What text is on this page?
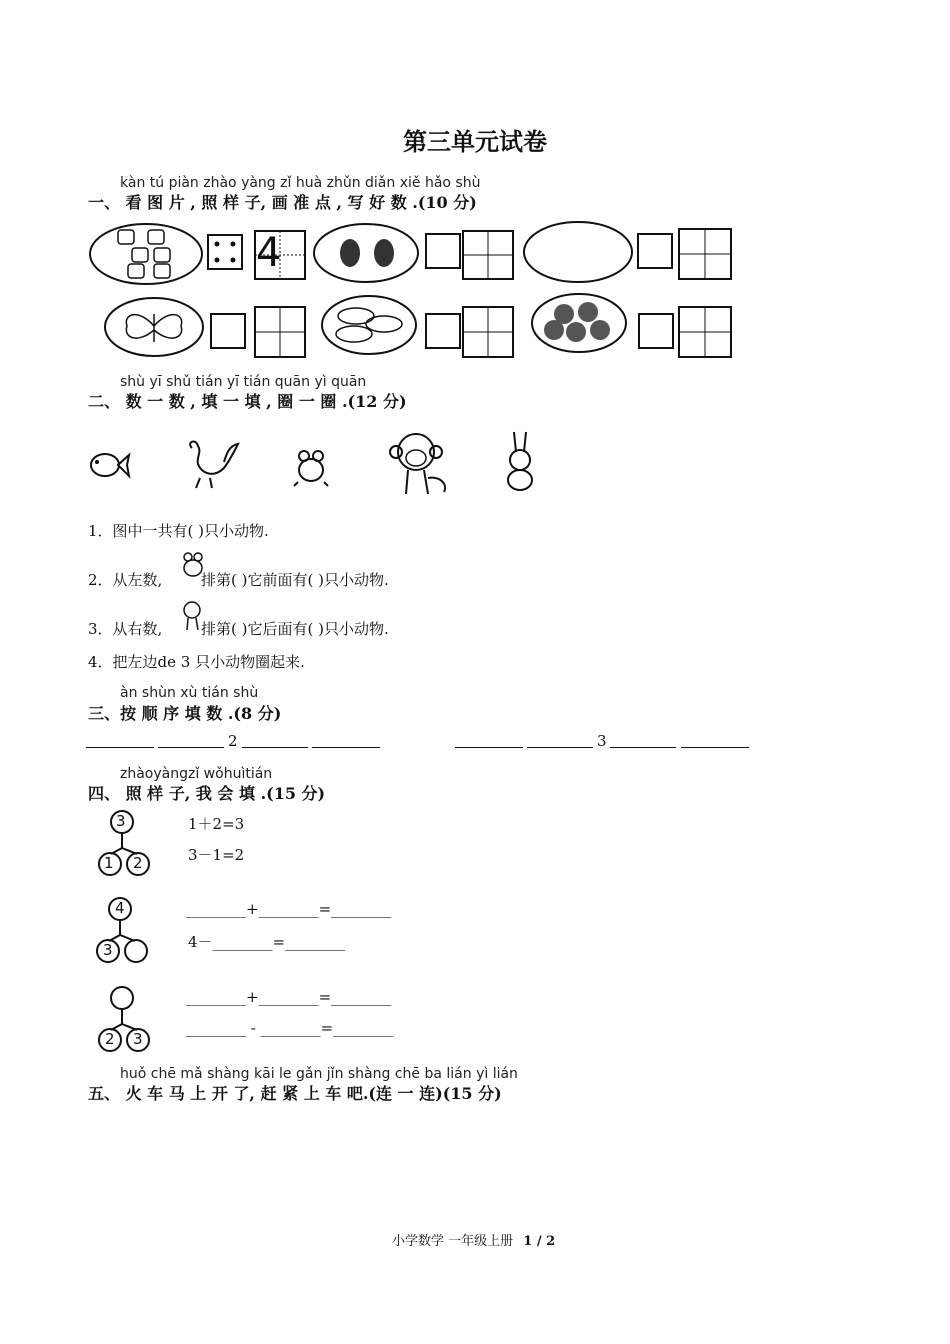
第三单元试卷
kàn tú piàn zhào yàng zǐ huà zhǔn diǎn xiě hǎo shù
一、 看 图 片 , 照 样 子, 画 准 点 , 写 好 数 .(10 分)
4
shù yī shǔ tián yī tián quān yì quān
二、 数 一 数 , 填 一 填 , 圈 一 圈 .(12 分)
1．图中一共有( )只小动物.
2．从左数,	排第( )它前面有( )只小动物.
3．从右数,	排第( )它后面有( )只小动物.
4．把左边de 3 只小动物圈起来.
àn shùn xù tián shù
三、按 顺 序 填 数 .(8 分)
2	3
zhàoyàngzǐ wǒhuìtián
四、 照 样 子, 我 会 填 .(15 分)
3
1 2
1＋2=3
3－1=2
4
3
________+________=________
4－________=________
2 3
________+________=________
________ - ________=________
huǒ chē mǎ shàng kāi le gǎn jǐn shàng chē ba lián yì lián
五、 火 车 马 上 开 了, 赶 紧 上 车 吧.(连 一 连)(15 分)
小学数学 一年级上册 1 / 2
